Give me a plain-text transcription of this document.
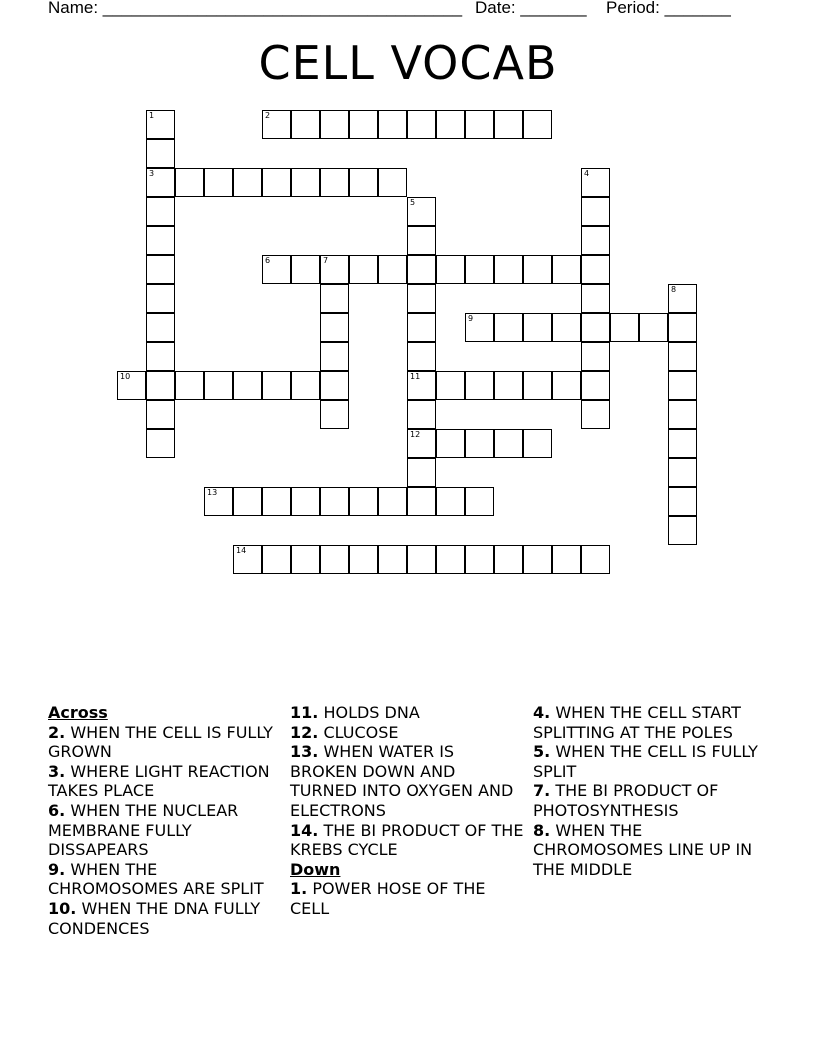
Name: ______________________________________ Date: _______ Period: _______
CELL VOCAB
1
3
2
4
5
11
12
6	7
8
9
10
13
14
Across
2. WHEN THE CELL IS FULLY GROWN
3. WHERE LIGHT REACTION TAKES PLACE
6. WHEN THE NUCLEAR MEMBRANE FULLY DISSAPEARS
9. WHEN THE CHROMOSOMES ARE SPLIT
10. WHEN THE DNA FULLY CONDENCES
11. HOLDS DNA
12. CLUCOSE
13. WHEN WATER IS BROKEN DOWN AND TURNED INTO OXYGEN AND ELECTRONS
14. THE BI PRODUCT OF THE KREBS CYCLE
Down
1. POWER HOSE OF THE CELL
4. WHEN THE CELL START SPLITTING AT THE POLES
5. WHEN THE CELL IS FULLY SPLIT
7. THE BI PRODUCT OF PHOTOSYNTHESIS
8. WHEN THE CHROMOSOMES LINE UP IN THE MIDDLE
